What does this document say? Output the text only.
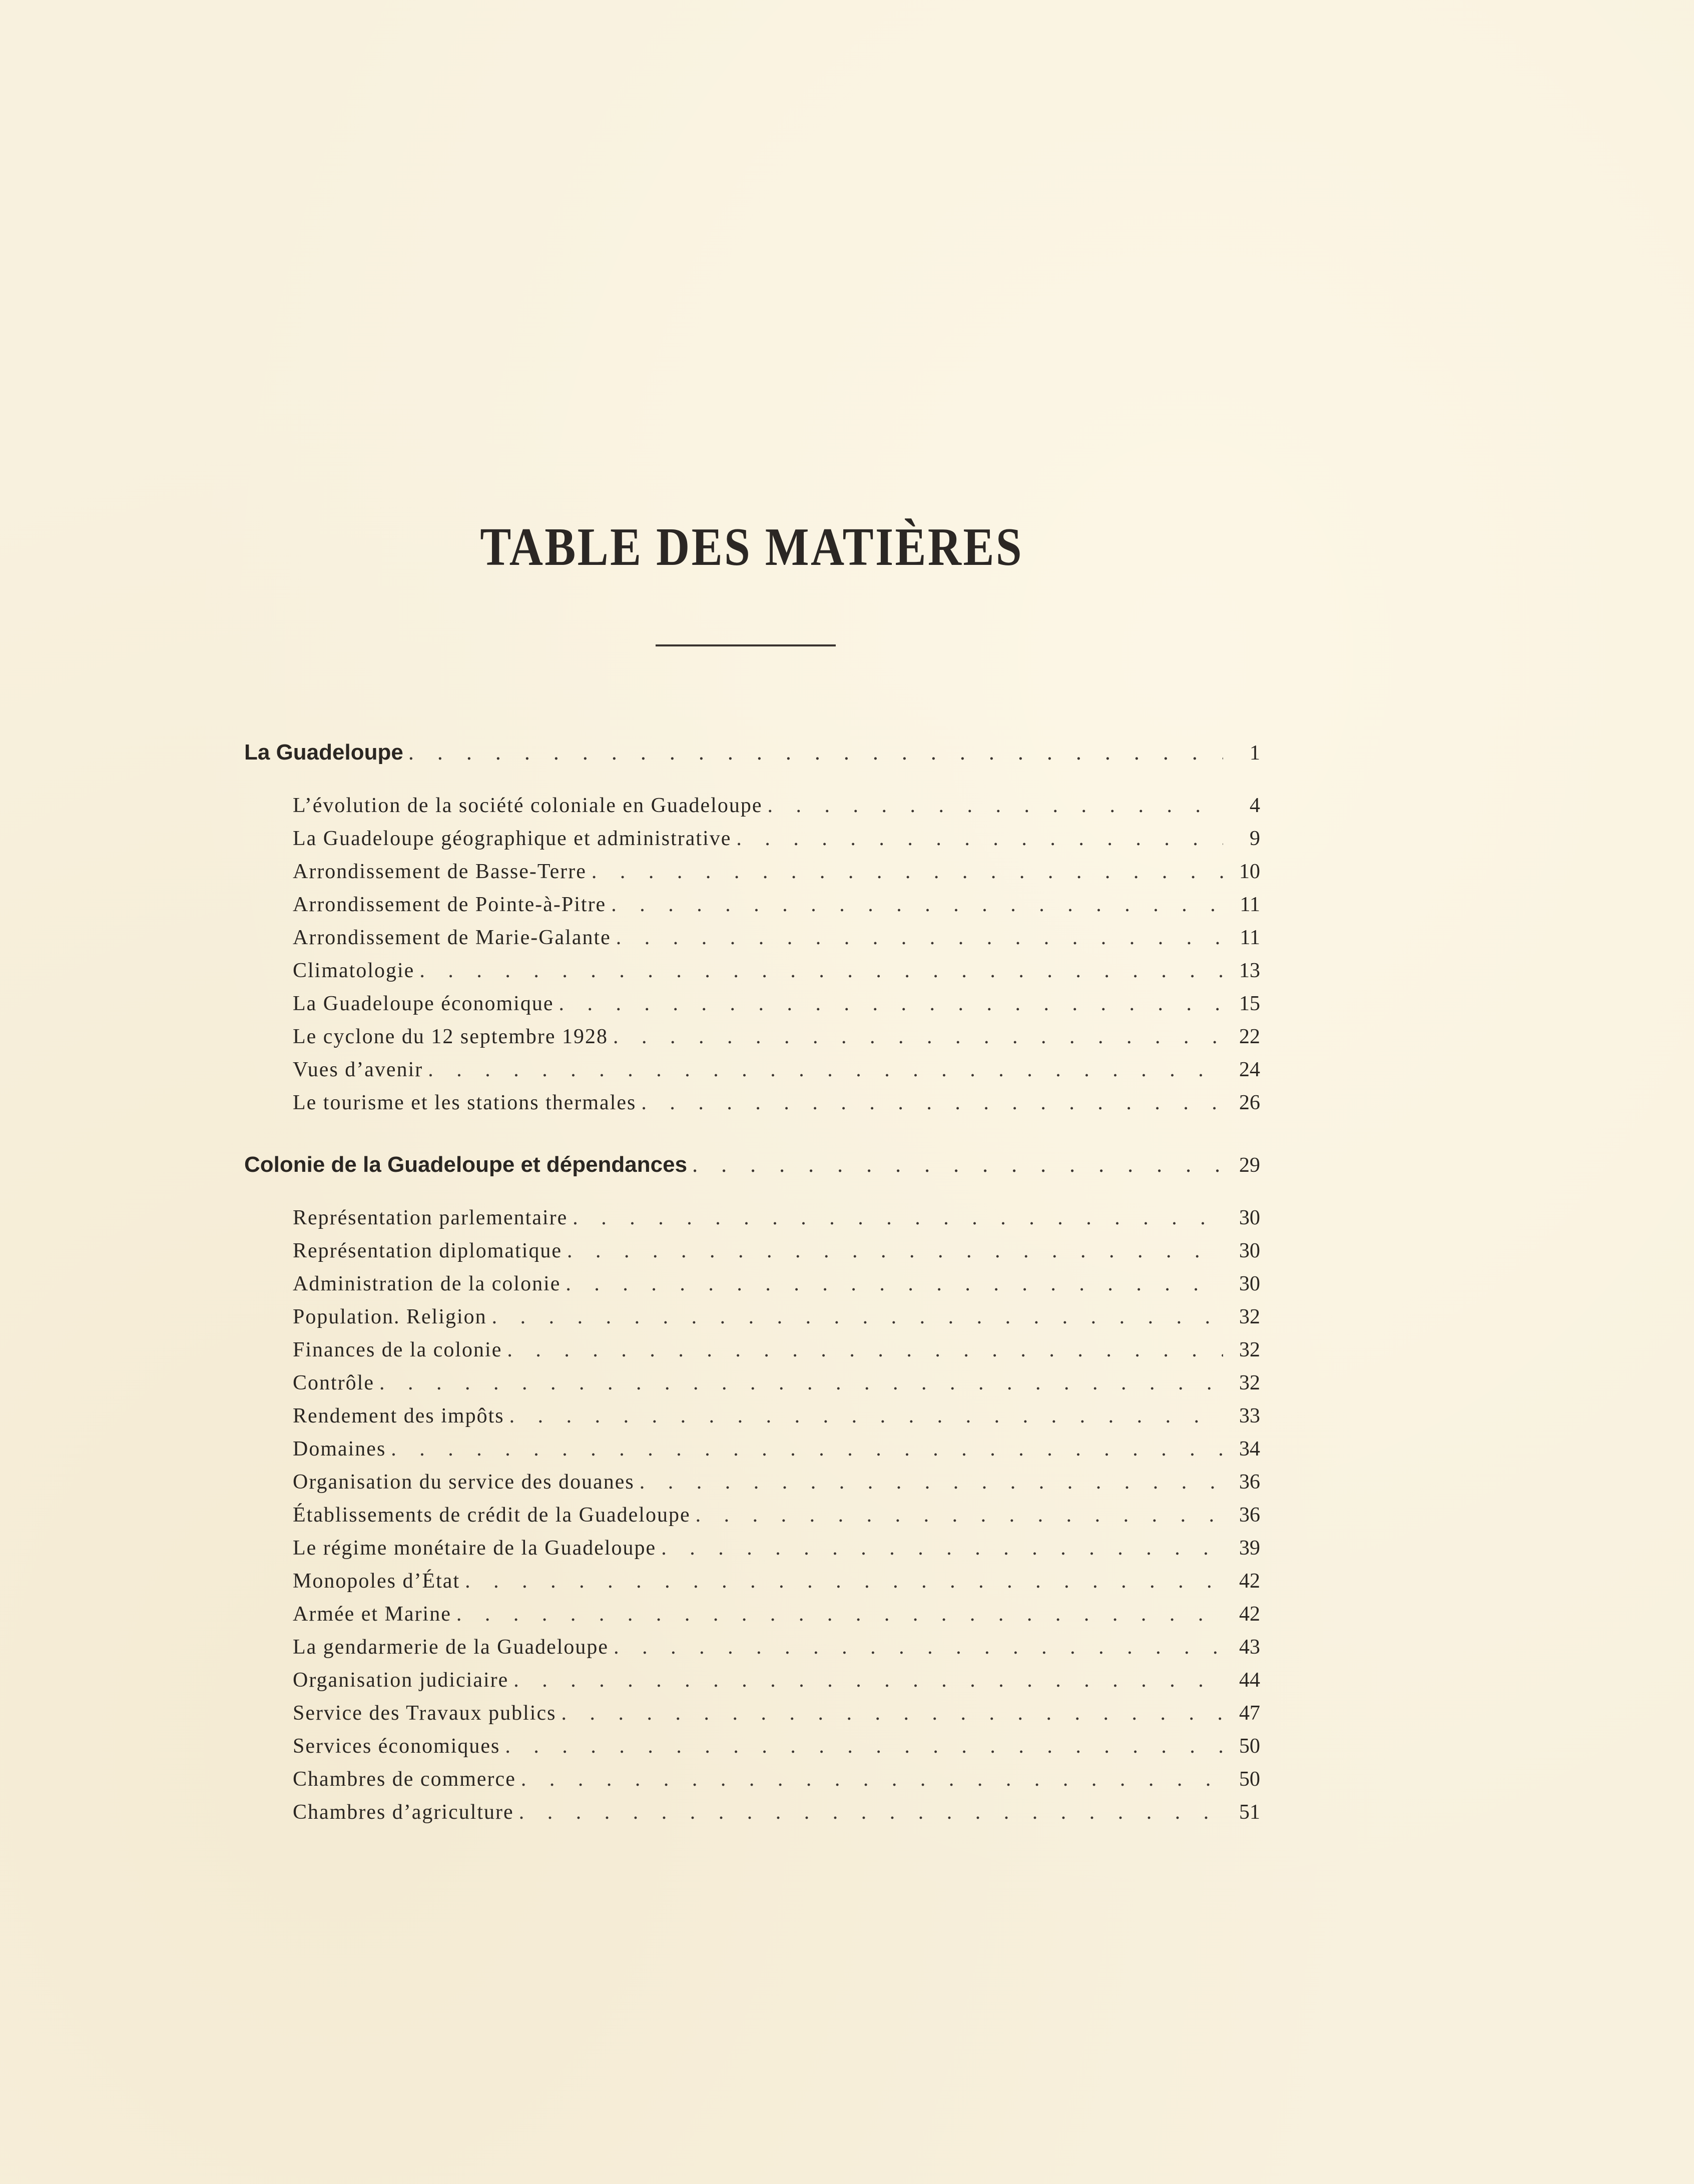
TABLE DES MATIÈRES
La Guadeloupe . . .	1
L’évolution de la société coloniale en Guadeloupe . . .	4
La Guadeloupe géographique et administrative . . .	9
Arrondissement de Basse-Terre . . .	10
Arrondissement de Pointe-à-Pitre . . .	11
Arrondissement de Marie-Galante . . .	11
Climatologie . . .	13
La Guadeloupe économique . . .	15
Le cyclone du 12 septembre 1928 . . .	22
Vues d’avenir . . .	24
Le tourisme et les stations thermales . . .	26
Colonie de la Guadeloupe et dépendances . . .	29
Représentation parlementaire . . .	30
Représentation diplomatique . . .	30
Administration de la colonie . . .	30
Population. Religion . . .	32
Finances de la colonie . . .	32
Contrôle . . .	32
Rendement des impôts . . .	33
Domaines . . .	34
Organisation du service des douanes . . .	36
Établissements de crédit de la Guadeloupe . . .	36
Le régime monétaire de la Guadeloupe . . .	39
Monopoles d’État . . .	42
Armée et Marine . . .	42
La gendarmerie de la Guadeloupe . . .	43
Organisation judiciaire . . .	44
Service des Travaux publics . . .	47
Services économiques . . .	50
Chambres de commerce . . .	50
Chambres d’agriculture . . .	51
